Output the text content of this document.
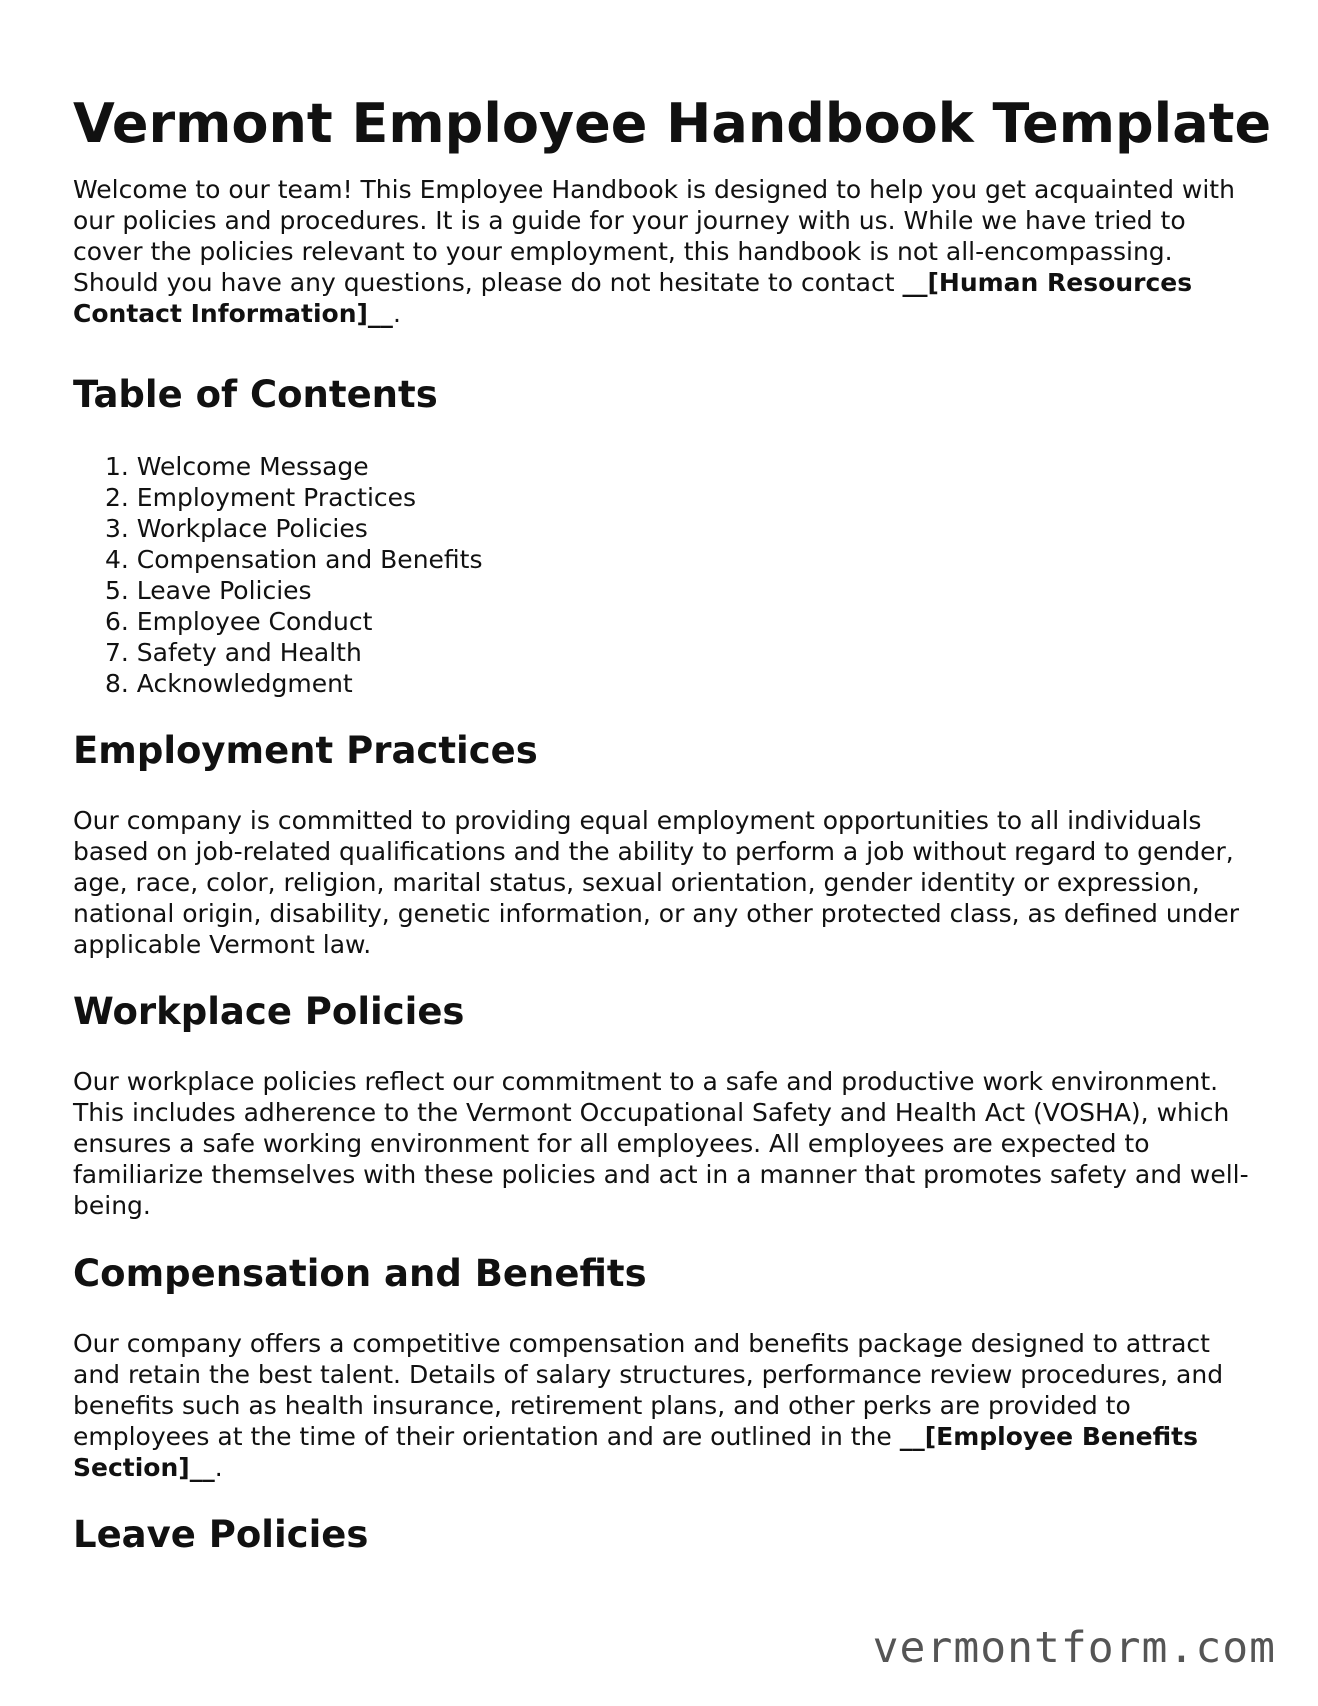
Vermont Employee Handbook Template

Welcome to our team! This Employee Handbook is designed to help you get acquainted with our policies and procedures. It is a guide for your journey with us. While we have tried to cover the policies relevant to your employment, this handbook is not all-encompassing. Should you have any questions, please do not hesitate to contact __[Human Resources Contact Information]__.

Table of Contents
1. Welcome Message
2. Employment Practices
3. Workplace Policies
4. Compensation and Benefits
5. Leave Policies
6. Employee Conduct
7. Safety and Health
8. Acknowledgment
Employment Practices

Our company is committed to providing equal employment opportunities to all individuals based on job-related qualifications and the ability to perform a job without regard to gender, age, race, color, religion, marital status, sexual orientation, gender identity or expression, national origin, disability, genetic information, or any other protected class, as defined under applicable Vermont law.

Workplace Policies

Our workplace policies reflect our commitment to a safe and productive work environment. This includes adherence to the Vermont Occupational Safety and Health Act (VOSHA), which ensures a safe working environment for all employees. All employees are expected to familiarize themselves with these policies and act in a manner that promotes safety and well-being.

Compensation and Benefits

Our company offers a competitive compensation and benefits package designed to attract and retain the best talent. Details of salary structures, performance review procedures, and benefits such as health insurance, retirement plans, and other perks are provided to employees at the time of their orientation and are outlined in the __[Employee Benefits Section]__.

Leave Policies
vermontform.com
